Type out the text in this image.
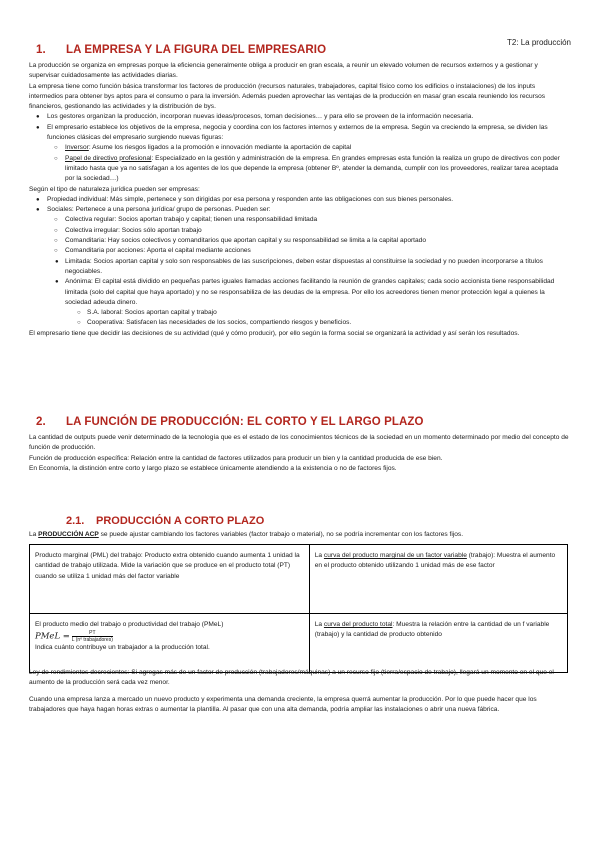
T2: La producción
1. LA EMPRESA Y LA FIGURA DEL EMPRESARIO

La producción se organiza en empresas porque la eficiencia generalmente obliga a producir en gran escala, a reunir un elevado volumen de recursos externos y a gestionar y supervisar cuidadosamente las actividades diarias.

La empresa tiene como función básica transformar los factores de producción (recursos naturales, trabajadores, capital físico como los edificios o instalaciones) de los inputs intermedios para obtener bys aptos para el consumo o para la inversión. Además pueden aprovechar las ventajas de la producción en masa/ gran escala reuniendo los recursos financieros, gestionando las actividades y la distribución de bys.

● Los gestores organizan la producción, incorporan nuevas ideas/procesos, toman decisiones… y para ello se proveen de la información necesaria.

● El empresario establece los objetivos de la empresa, negocia y coordina con los factores internos y externos de la empresa. Según va creciendo la empresa, se dividen las funciones clásicas del empresario surgiendo nuevas figuras:

○ Inversor: Asume los riesgos ligados a la promoción e innovación mediante la aportación de capital

○ Papel de directivo profesional: Especializado en la gestión y administración de la empresa. En grandes empresas esta función la realiza un grupo de directivos con poder limitado hasta que ya no satisfagan a los agentes de los que depende la empresa (obtener Bº, atender la demanda, cumplir con los proveedores, realizar tarea aceptada por la sociedad…)

Según el tipo de naturaleza jurídica pueden ser empresas:

● Propiedad individual: Más simple, pertenece y son dirigidas por esa persona y responden ante las obligaciones con sus bienes personales.

● Sociales: Pertenece a una persona jurídica/ grupo de personas. Pueden ser:

○ Colectiva regular: Socios aportan trabajo y capital; tienen una responsabilidad limitada

○ Colectiva irregular: Socios sólo aportan trabajo

○ Comanditaria: Hay socios colectivos y comanditarios que aportan capital y su responsabilidad se limita a la capital aportado

○ Comanditaria por acciones: Aporta el capital mediante acciones

● Limitada: Socios aportan capital y solo son responsables de las suscripciones, deben estar dispuestas al constituirse la sociedad y no pueden incorporarse a títulos negociables.

● Anónima: El capital está dividido en pequeñas partes iguales llamadas acciones facilitando la reunión de grandes capitales; cada socio accionista tiene responsabilidad limitada (solo del capital que haya aportado) y no se responsabiliza de las deudas de la empresa. Por ello los acreedores tienen menor protección legal a quienes la sociedad adeuda dinero.

○ S.A. laboral: Socios aportan capital y trabajo

○ Cooperativa: Satisfacen las necesidades de los socios, compartiendo riesgos y beneficios.

El empresario tiene que decidir las decisiones de su actividad (qué y cómo producir), por ello según la forma social se organizará la actividad y así serán los resultados.

2. LA FUNCIÓN DE PRODUCCIÓN: EL CORTO Y EL LARGO PLAZO

La cantidad de outputs puede venir determinado de la tecnología que es el estado de los conocimientos técnicos de la sociedad en un momento determinado por medio del concepto de función de producción.

Función de producción específica: Relación entre la cantidad de factores utilizados para producir un bien y la cantidad producida de ese bien.

En Economía, la distinción entre corto y largo plazo se establece únicamente atendiendo a la existencia o no de factores fijos.

2.1. PRODUCCIÓN A CORTO PLAZO

La PRODUCCIÓN ACP se puede ajustar cambiando los factores variables (factor trabajo o material), no se podría incrementar con los factores fijos.

Producto marginal (PML) del trabajo: Producto extra obtenido cuando aumenta 1 unidad la cantidad de trabajo utilizada. Mide la variación que se produce en el producto total (PT) cuando se utiliza 1 unidad más del factor variable	La curva del producto marginal de un factor variable (trabajo): Muestra el aumento en el producto obtenido utilizando 1 unidad más de ese factor

El producto medio del trabajo o productividad del trabajo (PMeL)
PMeL = $\frac{PT}{\text{L (nº trabajadores)}}$
Indica cuánto contribuye un trabajador a la producción total.	La curva del producto total: Muestra la relación entre la cantidad de un f variable (trabajo) y la cantidad de producto obtenido

Ley de rendimientos decrecientes: Si agregas más de un factor de producción (trabajadores/máquinas) a un recurso fijo (tierra/espacio de trabajo), llegará un momento en el que el aumento de la producción será cada vez menor.

Cuando una empresa lanza a mercado un nuevo producto y experimenta una demanda creciente, la empresa querrá aumentar la producción. Por lo que puede hacer que los trabajadores que haya hagan horas extras o aumentar la plantilla. Al pasar que con una alta demanda, podría ampliar las instalaciones o abrir una nueva fábrica.
